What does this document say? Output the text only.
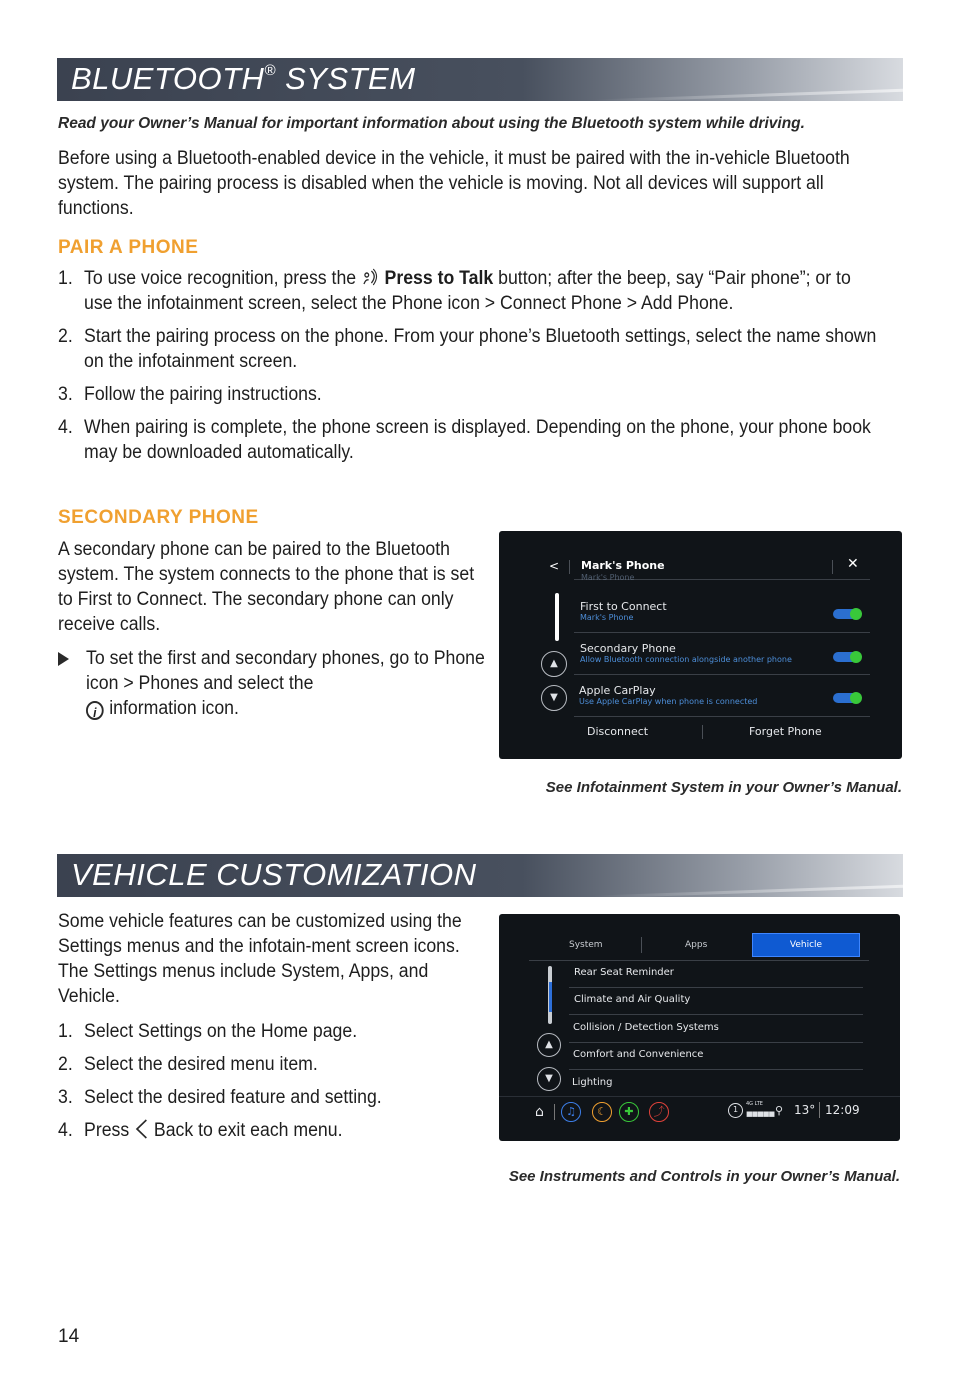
BLUETOOTH® SYSTEM
Read your Owner’s Manual for important information about using the Bluetooth system while driving.
Before using a Bluetooth-enabled device in the vehicle, it must be paired with the in-vehicle Bluetooth system. The pairing process is disabled when the vehicle is moving. Not all devices will support all functions.
PAIR A PHONE
1. To use voice recognition, press the  Press to Talk button; after the beep, say “Pair phone”; or to use the infotainment screen, select the Phone icon > Connect Phone > Add Phone.
2. Start the pairing process on the phone. From your phone’s Bluetooth settings, select the name shown on the infotainment screen.
3. Follow the pairing instructions.
4. When pairing is complete, the phone screen is displayed. Depending on the phone, your phone book may be downloaded automatically.
SECONDARY PHONE
A secondary phone can be paired to the Bluetooth system. The system connects to the phone that is set to First to Connect. The secondary phone can only receive calls.
To set the first and secondary phones, go to Phone icon > Phones and select the
i information icon.
< Mark's Phone	✕
Mark's Phone
First to Connect
Mark's Phone
▲
Secondary Phone
Allow Bluetooth connection alongside another phone
▼
Apple CarPlay
Use Apple CarPlay when phone is connected
Disconnect	Forget Phone
See Infotainment System in your Owner’s Manual.
VEHICLE CUSTOMIZATION
Some vehicle features can be customized using the Settings menus and the infotain-ment screen icons. The Settings menus include System, Apps, and Vehicle.
1. Select Settings on the Home page.
2. Select the desired menu item.
3. Select the desired feature and setting.
4. Press  Back to exit each menu.
System	Apps	Vehicle
Rear Seat Reminder
Climate and Air Quality
▲
Collision / Detection Systems
▼
Comfort and Convenience
Lighting
⌂	♫	☾	✚	⤴	1
4G LTE
■■■■■ ⚲ 13° 12:09
See Instruments and Controls in your Owner’s Manual.
14
